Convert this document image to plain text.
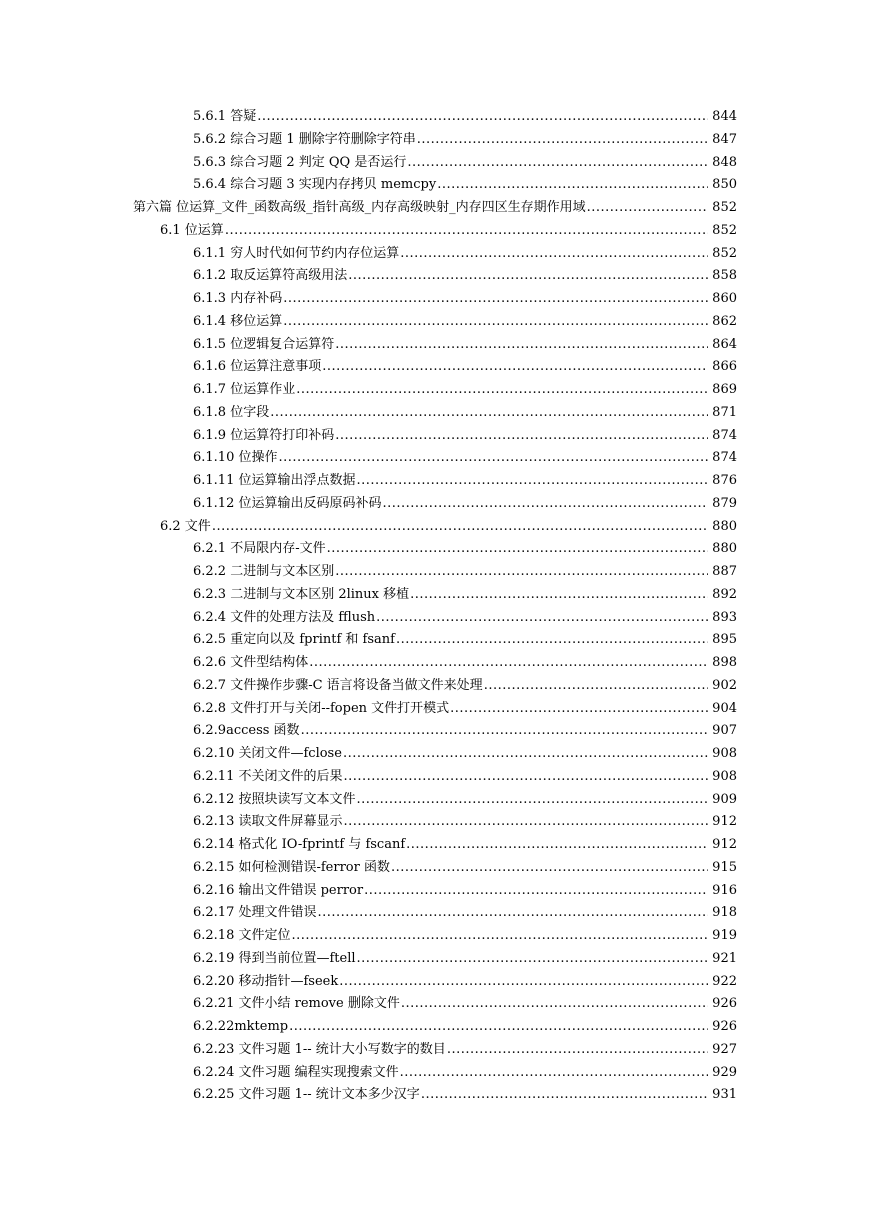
5.6.1 答疑 .....	844
5.6.2 综合习题 1 删除字符删除字符串 .....	847
5.6.3 综合习题 2 判定 QQ 是否运行 .....	848
5.6.4 综合习题 3 实现内存拷贝 memcpy .....	850
第六篇 位运算_文件_函数高级_指针高级_内存高级映射_内存四区生存期作用域 .....	852
6.1 位运算 .....	852
6.1.1 穷人时代如何节约内存位运算 .....	852
6.1.2 取反运算符高级用法 .....	858
6.1.3 内存补码 .....	860
6.1.4 移位运算 .....	862
6.1.5 位逻辑复合运算符 .....	864
6.1.6 位运算注意事项 .....	866
6.1.7 位运算作业 .....	869
6.1.8 位字段 .....	871
6.1.9 位运算符打印补码 .....	874
6.1.10 位操作 .....	874
6.1.11 位运算输出浮点数据 .....	876
6.1.12 位运算输出反码原码补码 .....	879
6.2 文件 .....	880
6.2.1 不局限内存-文件 .....	880
6.2.2 二进制与文本区别 .....	887
6.2.3 二进制与文本区别 2linux 移植 .....	892
6.2.4 文件的处理方法及 fflush .....	893
6.2.5 重定向以及 fprintf 和 fsanf .....	895
6.2.6 文件型结构体 .....	898
6.2.7 文件操作步骤-C 语言将设备当做文件来处理 .....	902
6.2.8 文件打开与关闭--fopen 文件打开模式 .....	904
6.2.9access 函数 .....	907
6.2.10 关闭文件—fclose .....	908
6.2.11 不关闭文件的后果 .....	908
6.2.12 按照块读写文本文件 .....	909
6.2.13 读取文件屏幕显示 .....	912
6.2.14 格式化 IO-fprintf 与 fscanf .....	912
6.2.15 如何检测错误-ferror 函数 .....	915
6.2.16 输出文件错误 perror .....	916
6.2.17 处理文件错误 .....	918
6.2.18 文件定位 .....	919
6.2.19 得到当前位置—ftell .....	921
6.2.20 移动指针—fseek .....	922
6.2.21 文件小结 remove 删除文件 .....	926
6.2.22mktemp .....	926
6.2.23 文件习题 1-- 统计大小写数字的数目 .....	927
6.2.24 文件习题 编程实现搜索文件 .....	929
6.2.25 文件习题 1-- 统计文本多少汉字 .....	931
